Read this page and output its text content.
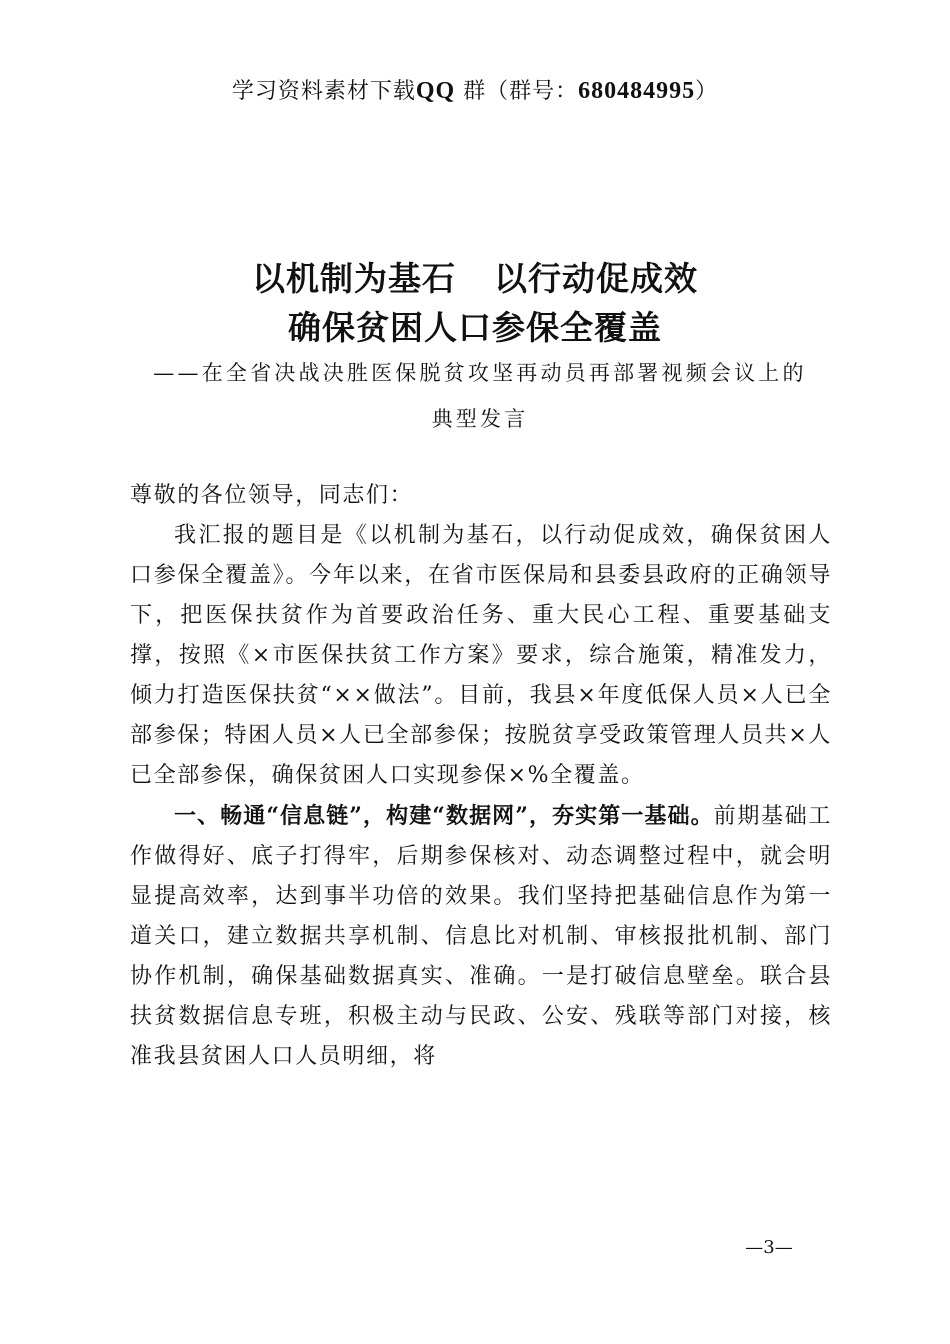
学习资料素材下载QQ 群（群号：680484995）
以机制为基石 以行动促成效
确保贫困人口参保全覆盖
——在全省决战决胜医保脱贫攻坚再动员再部署视频会议上的
典型发言

尊敬的各位领导，同志们：

我汇报的题目是《以机制为基石，以行动促成效，确保贫困人口参保全覆盖》。今年以来，在省市医保局和县委县政府的正确领导下，把医保扶贫作为首要政治任务、重大民心工程、重要基础支撑，按照《×市医保扶贫工作方案》要求，综合施策，精准发力，倾力打造医保扶贫“××做法”。目前，我县×年度低保人员×人已全部参保；特困人员×人已全部参保；按脱贫享受政策管理人员共×人已全部参保，确保贫困人口实现参保×%全覆盖。

一、畅通“信息链”，构建“数据网”，夯实第一基础。前期基础工作做得好、底子打得牢，后期参保核对、动态调整过程中，就会明显提高效率，达到事半功倍的效果。我们坚持把基础信息作为第一道关口，建立数据共享机制、信息比对机制、审核报批机制、部门协作机制，确保基础数据真实、准确。一是打破信息壁垒。联合县扶贫数据信息专班，积极主动与民政、公安、残联等部门对接，核准我县贫困人口人员明细，将

—3—
